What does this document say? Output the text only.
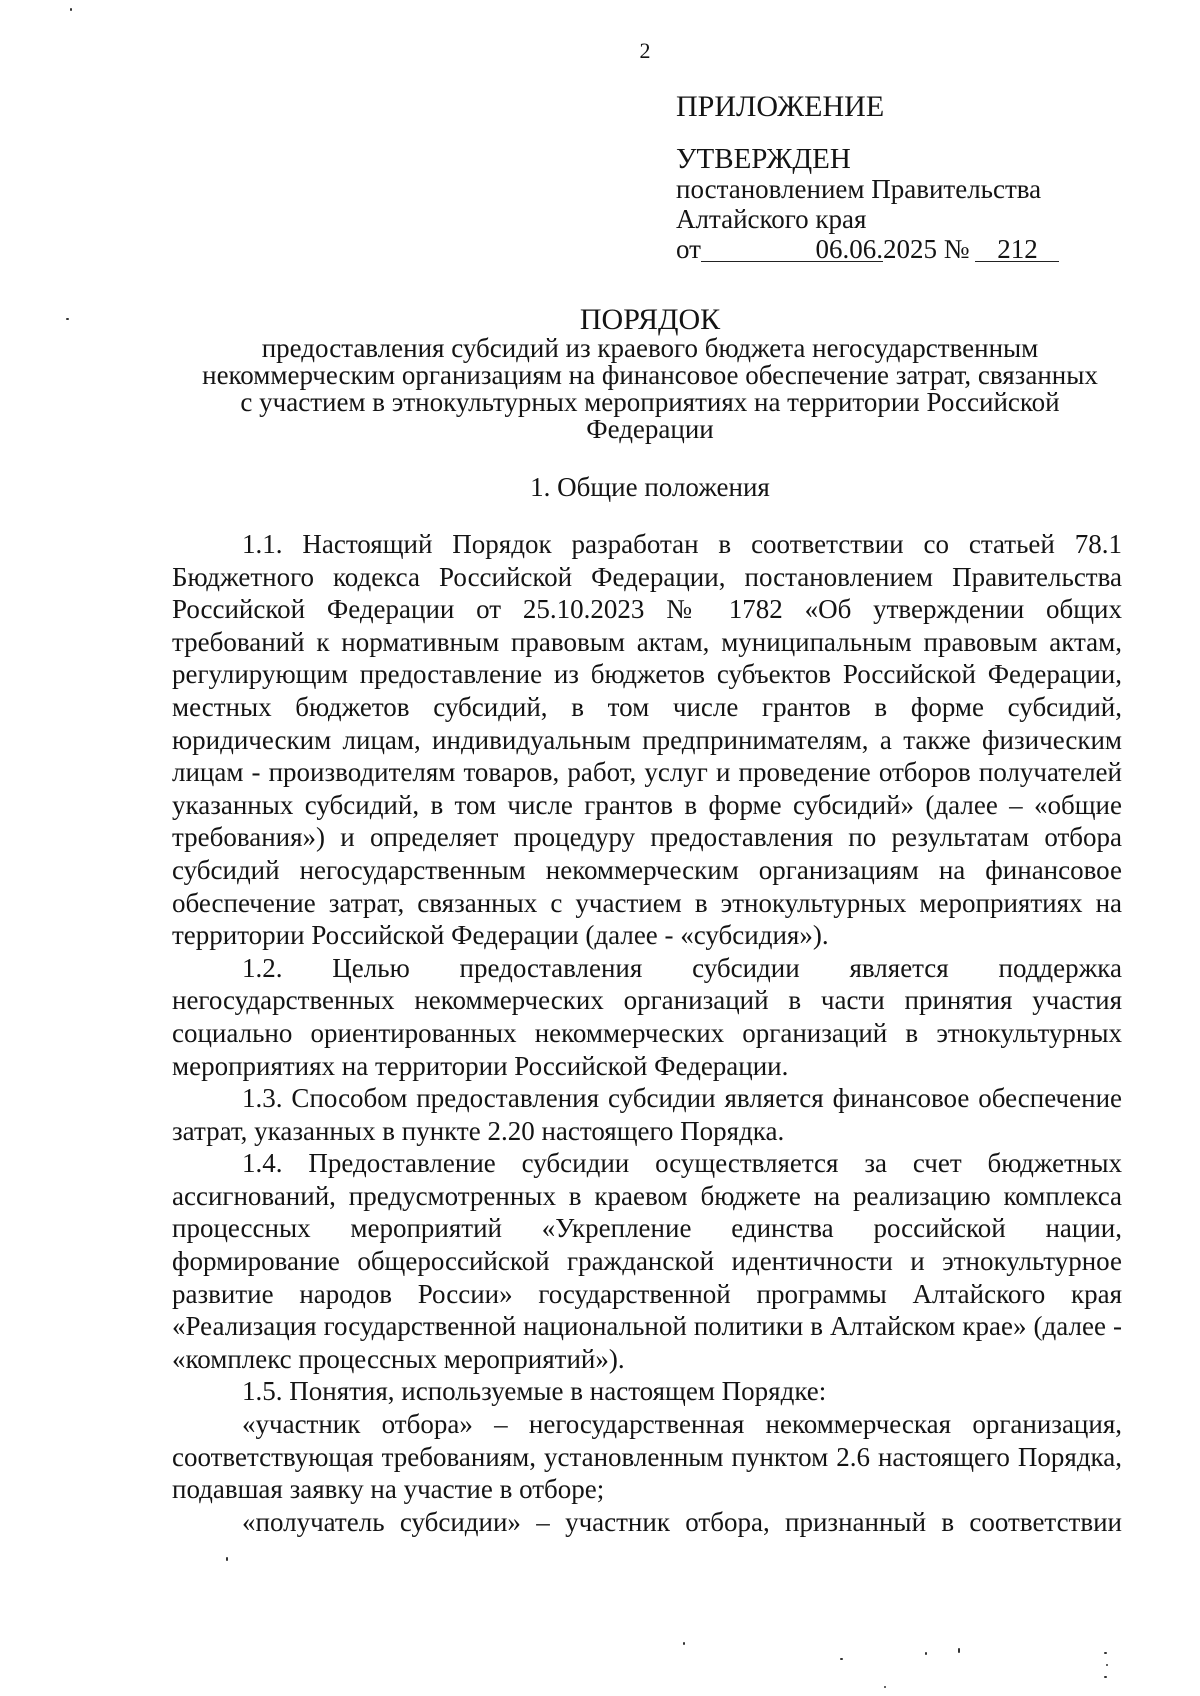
2
ПРИЛОЖЕНИЕ
УТВЕРЖДЕН
постановлением Правительства
Алтайского края
от	06.06.2025 № 212
ПОРЯДОК
предоставления субсидий из краевого бюджета негосударственным
некоммерческим организациям на финансовое обеспечение затрат, связанных
с участием в этнокультурных мероприятиях на территории Российской
Федерации
1. Общие положения

1.1. Настоящий Порядок разработан в соответствии со статьей 78.1 Бюджетного кодекса Российской Федерации, постановлением Правительства Российской Федерации от 25.10.2023 № 1782 «Об утверждении общих требований к нормативным правовым актам, муниципальным правовым актам, регулирующим предоставление из бюджетов субъектов Российской Федерации, местных бюджетов субсидий, в том числе грантов в форме субсидий, юридическим лицам, индивидуальным предпринимателям, а также физическим лицам - производителям товаров, работ, услуг и проведение отборов получателей указанных субсидий, в том числе грантов в форме субсидий» (далее – «общие требования») и определяет процедуру предоставления по результатам отбора субсидий негосударственным некоммерческим организациям на финансовое обеспечение затрат, связанных с участием в этнокультурных мероприятиях на территории Российской Федерации (далее - «субсидия»).

1.2. Целью предоставления субсидии является поддержка негосударственных некоммерческих организаций в части принятия участия социально ориентированных некоммерческих организаций в этнокультурных мероприятиях на территории Российской Федерации.

1.3. Способом предоставления субсидии является финансовое обеспечение затрат, указанных в пункте 2.20 настоящего Порядка.

1.4. Предоставление субсидии осуществляется за счет бюджетных ассигнований, предусмотренных в краевом бюджете на реализацию комплекса процессных мероприятий «Укрепление единства российской нации, формирование общероссийской гражданской идентичности и этнокультурное развитие народов России» государственной программы Алтайского края «Реализация государственной национальной политики в Алтайском крае» (далее - «комплекс процессных мероприятий»).

1.5. Понятия, используемые в настоящем Порядке:

«участник отбора» – негосударственная некоммерческая организация, соответствующая требованиям, установленным пунктом 2.6 настоящего Порядка, подавшая заявку на участие в отборе;

«получатель субсидии» – участник отбора, признанный в соответствии
